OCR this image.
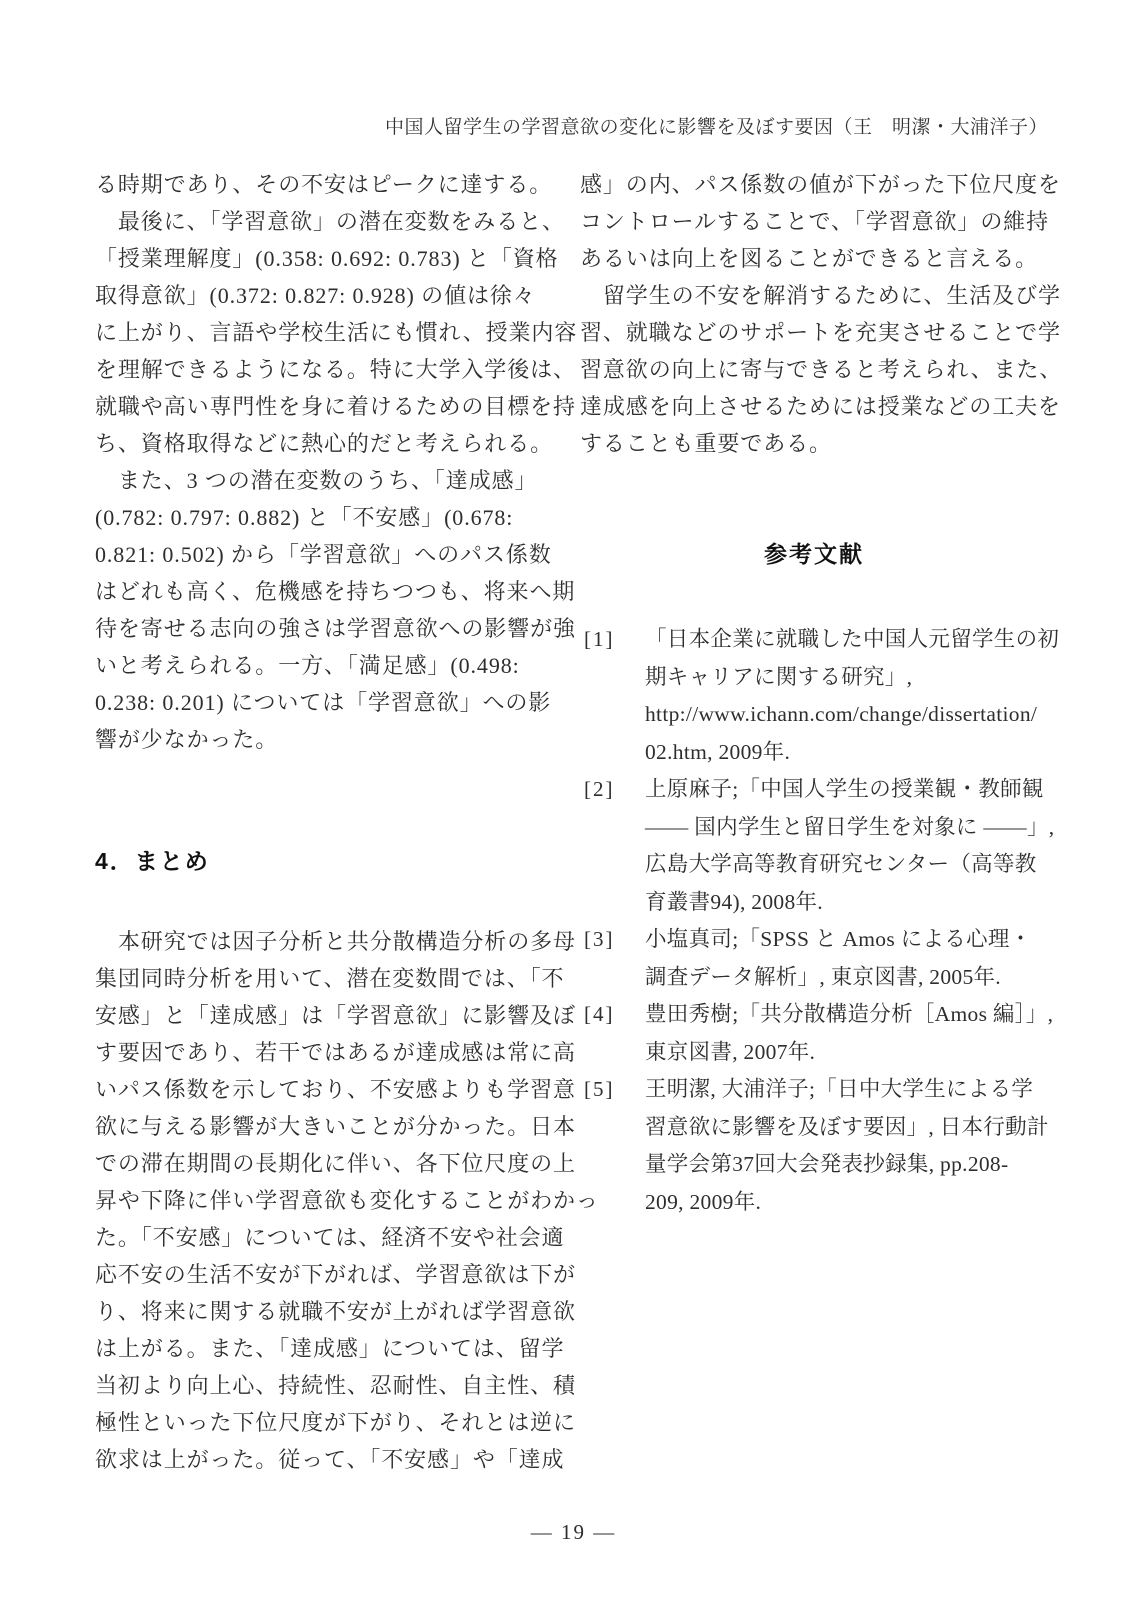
中国人留学生の学習意欲の変化に影響を及ぼす要因（王　明潔・大浦洋子）
る時期であり、その不安はピークに達する。
　最後に、「学習意欲」の潜在変数をみると、
「授業理解度」(0.358: 0.692: 0.783) と「資格
取得意欲」(0.372: 0.827: 0.928) の値は徐々
に上がり、言語や学校生活にも慣れ、授業内容
を理解できるようになる。特に大学入学後は、
就職や高い専門性を身に着けるための目標を持
ち、資格取得などに熱心的だと考えられる。
　また、3 つの潜在変数のうち、「達成感」
(0.782: 0.797: 0.882) と「不安感」(0.678:
0.821: 0.502) から「学習意欲」へのパス係数
はどれも高く、危機感を持ちつつも、将来へ期
待を寄せる志向の強さは学習意欲への影響が強
いと考えられる。一方、「満足感」(0.498:
0.238: 0.201) については「学習意欲」への影
響が少なかった。
4．まとめ
　本研究では因子分析と共分散構造分析の多母
集団同時分析を用いて、潜在変数間では、「不
安感」と「達成感」は「学習意欲」に影響及ぼ
す要因であり、若干ではあるが達成感は常に高
いパス係数を示しており、不安感よりも学習意
欲に与える影響が大きいことが分かった。日本
での滞在期間の長期化に伴い、各下位尺度の上
昇や下降に伴い学習意欲も変化することがわかっ
た。「不安感」については、経済不安や社会適
応不安の生活不安が下がれば、学習意欲は下が
り、将来に関する就職不安が上がれば学習意欲
は上がる。また、「達成感」については、留学
当初より向上心、持続性、忍耐性、自主性、積
極性といった下位尺度が下がり、それとは逆に
欲求は上がった。従って、「不安感」や「達成
感」の内、パス係数の値が下がった下位尺度を
コントロールすることで、「学習意欲」の維持
あるいは向上を図ることができると言える。
　留学生の不安を解消するために、生活及び学
習、就職などのサポートを充実させることで学
習意欲の向上に寄与できると考えられ、また、
達成感を向上させるためには授業などの工夫を
することも重要である。
参考文献
[1] 「日本企業に就職した中国人元留学生の初
期キャリアに関する研究」,
http://www.ichann.com/change/dissertation/
02.htm, 2009年.
[2] 上原麻子;「中国人学生の授業観・教師観
—— 国内学生と留日学生を対象に ——」,
広島大学高等教育研究センター（高等教
育叢書94), 2008年.
[3] 小塩真司;「SPSS と Amos による心理・
調査データ解析」, 東京図書, 2005年.
[4] 豊田秀樹;「共分散構造分析［Amos 編］」,
東京図書, 2007年.
[5] 王明潔, 大浦洋子;「日中大学生による学
習意欲に影響を及ぼす要因」, 日本行動計
量学会第37回大会発表抄録集, pp.208-
209, 2009年.
— 19 —
